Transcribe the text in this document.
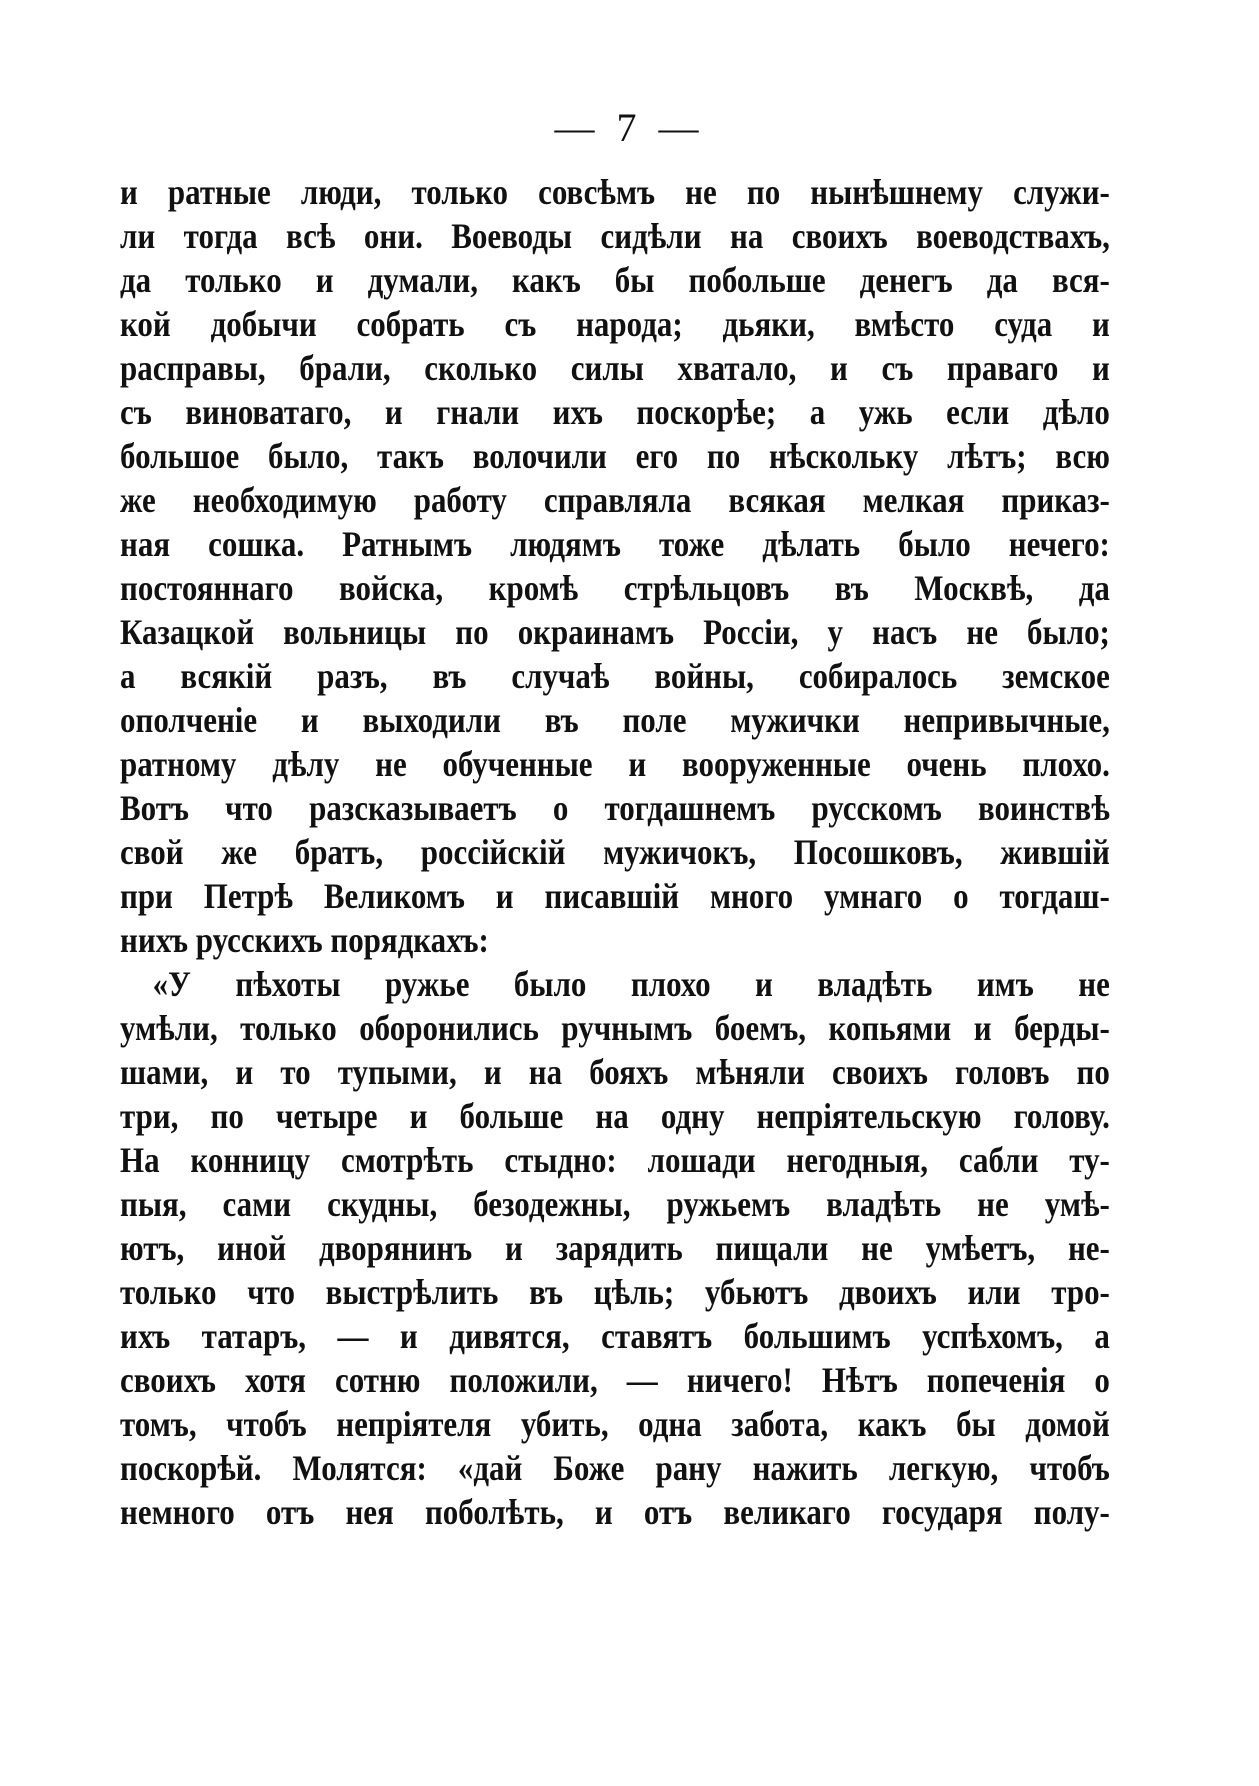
— 7 —
и ратные люди, только совсѣмъ не по нынѣшнему служи-
ли тогда всѣ они. Воеводы сидѣли на своихъ воеводствахъ,
да только и думали, какъ бы побольше денегъ да вся-
кой добычи собрать съ народа; дьяки, вмѣсто суда и
расправы, брали, сколько силы хватало, и съ праваго и
съ виноватаго, и гнали ихъ поскорѣе; а ужь если дѣло
большое было, такъ волочили его по нѣскольку лѣтъ; всю
же необходимую работу справляла всякая мелкая приказ-
ная сошка. Ратнымъ людямъ тоже дѣлать было нечего:
постояннаго войска, кромѣ стрѣльцовъ въ Москвѣ, да
Казацкой вольницы по окраинамъ Россіи, у насъ не было;
а всякій разъ, въ случаѣ войны, собиралось земское
ополченіе и выходили въ поле мужички непривычные,
ратному дѣлу не обученные и вооруженные очень плохо.
Вотъ что разсказываетъ о тогдашнемъ русскомъ воинствѣ
свой же братъ, россійскій мужичокъ, Посошковъ, жившій
при Петрѣ Великомъ и писавшій много умнаго о тогдаш-
нихъ русскихъ порядкахъ:
«У пѣхоты ружье было плохо и владѣть имъ не
умѣли, только оборонились ручнымъ боемъ, копьями и берды-
шами, и то тупыми, и на бояхъ мѣняли своихъ головъ по
три, по четыре и больше на одну непріятельскую голову.
На конницу смотрѣть стыдно: лошади негодныя, сабли ту-
пыя, сами скудны, безодежны, ружьемъ владѣть не умѣ-
ютъ, иной дворянинъ и зарядить пищали не умѣетъ, не-
только что выстрѣлить въ цѣль; убьютъ двоихъ или тро-
ихъ татаръ, — и дивятся, ставятъ большимъ успѣхомъ, а
своихъ хотя сотню положили, — ничего! Нѣтъ попеченія о
томъ, чтобъ непріятеля убить, одна забота, какъ бы домой
поскорѣй. Молятся: «дай Боже рану нажить легкую, чтобъ
немного отъ нея поболѣть, и отъ великаго государя полу-
